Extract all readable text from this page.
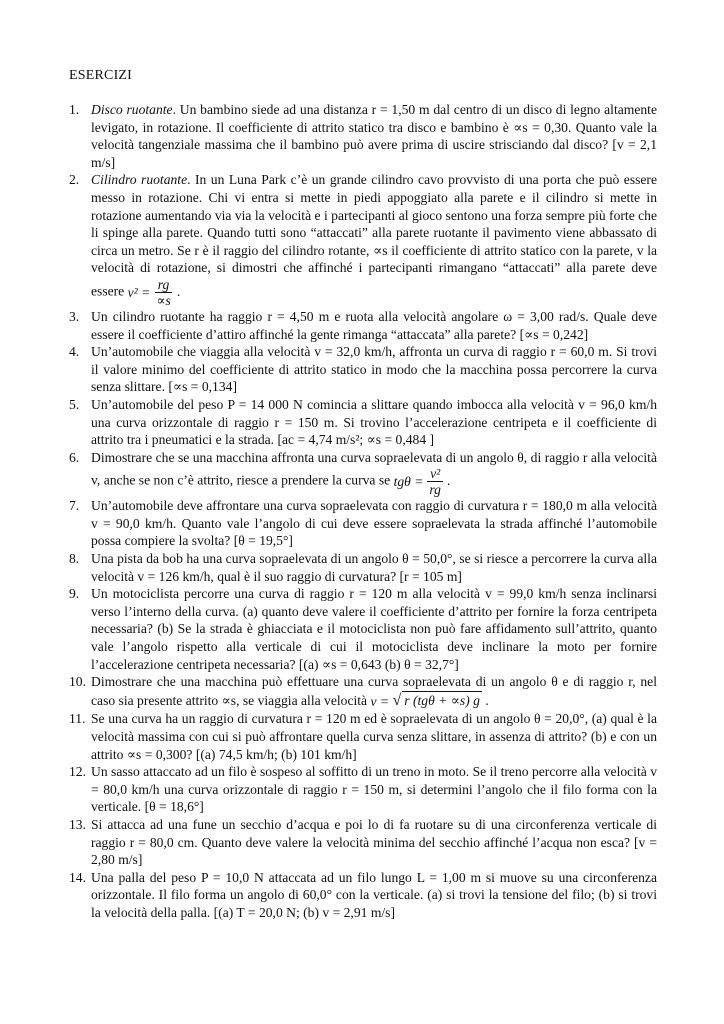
ESERCIZI
1. Disco ruotante. Un bambino siede ad una distanza r = 1,50 m dal centro di un disco di legno altamente levigato, in rotazione. Il coefficiente di attrito statico tra disco e bambino è ∝s = 0,30. Quanto vale la velocità tangenziale massima che il bambino può avere prima di uscire strisciando dal disco? [v = 2,1 m/s]
2. Cilindro ruotante. In un Luna Park c’è un grande cilindro cavo provvisto di una porta che può essere messo in rotazione. Chi vi entra si mette in piedi appoggiato alla parete e il cilindro si mette in rotazione aumentando via via la velocità e i partecipanti al gioco sentono una forza sempre più forte che li spinge alla parete. Quando tutti sono “attaccati” alla parete ruotante il pavimento viene abbassato di circa un metro. Se r è il raggio del cilindro rotante, ∝s il coefficiente di attrito statico con la parete, v la velocità di rotazione, si dimostri che affinché i partecipanti rimangano “attaccati” alla parete deve essere $v^2 = \frac{rg}{\propto s}$ .
3. Un cilindro ruotante ha raggio r = 4,50 m e ruota alla velocità angolare ω = 3,00 rad/s. Quale deve essere il coefficiente d’attiro affinché la gente rimanga “attaccata” alla parete? [∝s = 0,242]
4. Un’automobile che viaggia alla velocità v = 32,0 km/h, affronta un curva di raggio r = 60,0 m. Si trovi il valore minimo del coefficiente di attrito statico in modo che la macchina possa percorrere la curva senza slittare. [∝s = 0,134]
5. Un’automobile del peso P = 14 000 N comincia a slittare quando imbocca alla velocità v = 96,0 km/h una curva orizzontale di raggio r = 150 m. Si trovino l’accelerazione centripeta e il coefficiente di attrito tra i pneumatici e la strada. [ac = 4,74 m/s²; ∝s = 0,484 ]
6. Dimostrare che se una macchina affronta una curva sopraelevata di un angolo θ, di raggio r alla velocità v, anche se non c’è attrito, riesce a prendere la curva se $tg\theta = \frac{\text{v²}}{rg}$ .
7. Un’automobile deve affrontare una curva sopraelevata con raggio di curvatura r = 180,0 m alla velocità v = 90,0 km/h. Quanto vale l’angolo di cui deve essere sopraelevata la strada affinché l’automobile possa compiere la svolta? [θ = 19,5°]
8. Una pista da bob ha una curva sopraelevata di un angolo θ = 50,0°, se si riesce a percorrere la curva alla velocità v = 126 km/h, qual è il suo raggio di curvatura? [r = 105 m]
9. Un motociclista percorre una curva di raggio r = 120 m alla velocità v = 99,0 km/h senza inclinarsi verso l’interno della curva. (a) quanto deve valere il coefficiente d’attrito per fornire la forza centripeta necessaria? (b) Se la strada è ghiacciata e il motociclista non può fare affidamento sull’attrito, quanto vale l’angolo rispetto alla verticale di cui il motociclista deve inclinare la moto per fornire l’accelerazione centripeta necessaria? [(a) ∝s = 0,643 (b) θ = 32,7°]
10. Dimostrare che una macchina può effettuare una curva sopraelevata di un angolo θ e di raggio r, nel caso sia presente attrito ∝s, se viaggia alla velocità v = √ r (tgθ + ∝s) g .
11. Se una curva ha un raggio di curvatura r = 120 m ed è sopraelevata di un angolo θ = 20,0°, (a) qual è la velocità massima con cui si può affrontare quella curva senza slittare, in assenza di attrito? (b) e con un attrito ∝s = 0,300? [(a) 74,5 km/h; (b) 101 km/h]
12. Un sasso attaccato ad un filo è sospeso al soffitto di un treno in moto. Se il treno percorre alla velocità v = 80,0 km/h una curva orizzontale di raggio r = 150 m, si determini l’angolo che il filo forma con la verticale. [θ = 18,6°]
13. Si attacca ad una fune un secchio d’acqua e poi lo di fa ruotare su di una circonferenza verticale di raggio r = 80,0 cm. Quanto deve valere la velocità minima del secchio affinché l’acqua non esca? [v = 2,80 m/s]
14. Una palla del peso P = 10,0 N attaccata ad un filo lungo L = 1,00 m si muove su una circonferenza orizzontale. Il filo forma un angolo di 60,0° con la verticale. (a) si trovi la tensione del filo; (b) si trovi la velocità della palla. [(a) T = 20,0 N; (b) v = 2,91 m/s]
